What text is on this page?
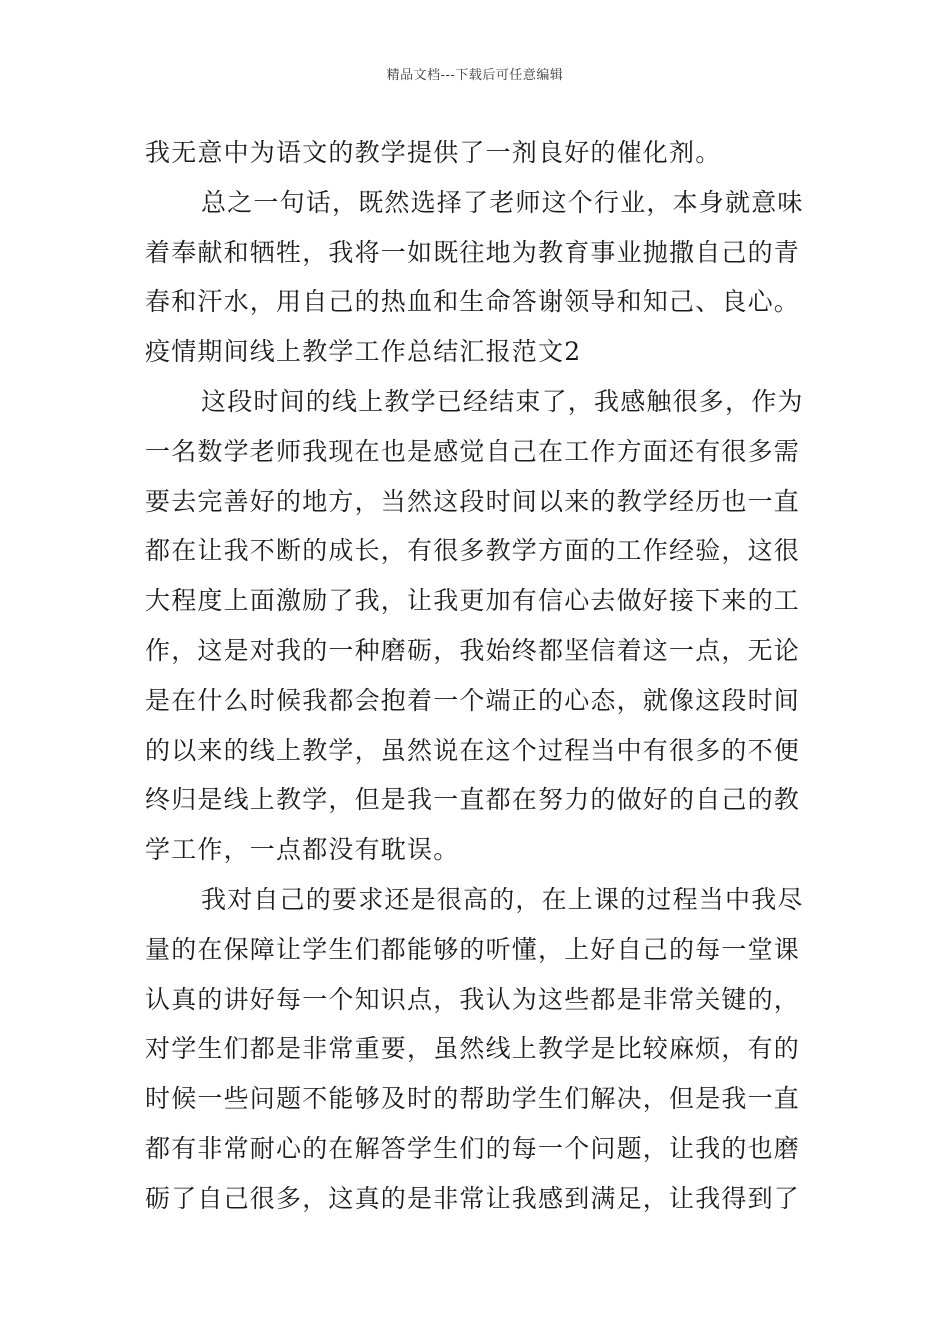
精品文档---下载后可任意编辑
我无意中为语文的教学提供了一剂良好的催化剂。
总之一句话，既然选择了老师这个行业，本身就意味
着奉献和牺牲，我将一如既往地为教育事业抛撒自己的青
春和汗水，用自己的热血和生命答谢领导和知己、良心。
疫情期间线上教学工作总结汇报范文2
这段时间的线上教学已经结束了，我感触很多，作为
一名数学老师我现在也是感觉自己在工作方面还有很多需
要去完善好的地方，当然这段时间以来的教学经历也一直
都在让我不断的成长，有很多教学方面的工作经验，这很
大程度上面激励了我，让我更加有信心去做好接下来的工
作，这是对我的一种磨砺，我始终都坚信着这一点，无论
是在什么时候我都会抱着一个端正的心态，就像这段时间
的以来的线上教学，虽然说在这个过程当中有很多的不便
终归是线上教学，但是我一直都在努力的做好的自己的教
学工作，一点都没有耽误。
我对自己的要求还是很高的，在上课的过程当中我尽
量的在保障让学生们都能够的听懂，上好自己的每一堂课
认真的讲好每一个知识点，我认为这些都是非常关键的，
对学生们都是非常重要，虽然线上教学是比较麻烦，有的
时候一些问题不能够及时的帮助学生们解决，但是我一直
都有非常耐心的在解答学生们的每一个问题，让我的也磨
砺了自己很多，这真的是非常让我感到满足，让我得到了
